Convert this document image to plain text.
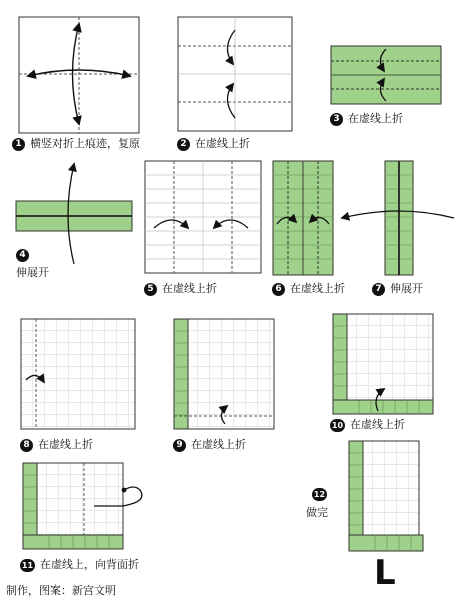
1 横竖对折上痕迹，复原	2 在虚线上折
3 在虚线上折
4
伸展开
5 在虚线上折	6 在虚线上折	7 伸展开
8 在虚线上折	9 在虚线上折
10 在虚线上折
11 在虚线上，向背面折
12
做完
L
制作，图案：新宫文明
